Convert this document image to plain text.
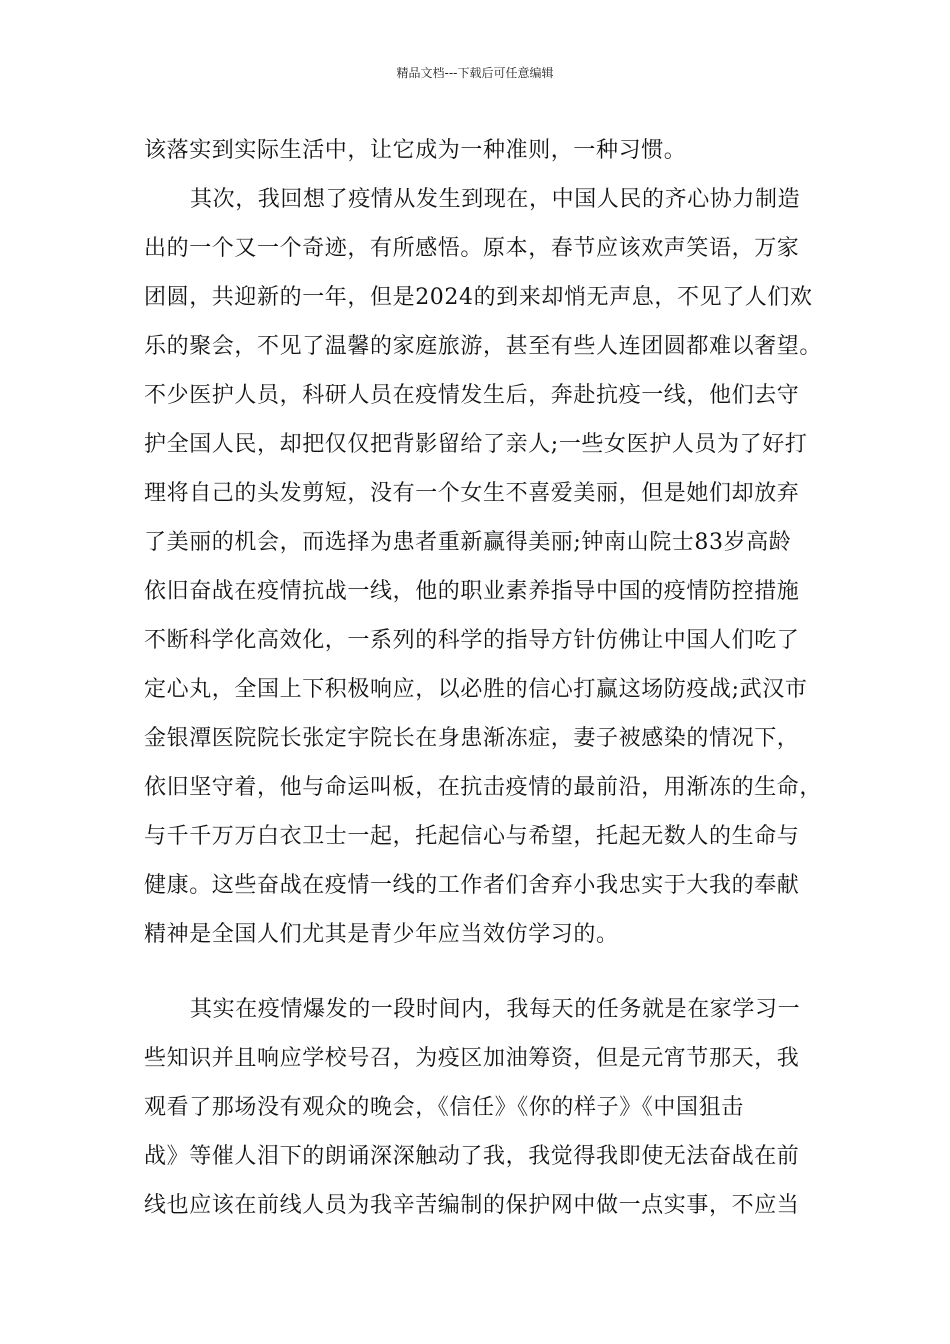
精品文档---下载后可任意编辑
该落实到实际生活中，让它成为一种准则，一种习惯。
其次，我回想了疫情从发生到现在，中国人民的齐心协力制造
出的一个又一个奇迹，有所感悟。原本，春节应该欢声笑语，万家
团圆，共迎新的一年，但是2024的到来却悄无声息，不见了人们欢
乐的聚会，不见了温馨的家庭旅游，甚至有些人连团圆都难以奢望。
不少医护人员，科研人员在疫情发生后，奔赴抗疫一线，他们去守
护全国人民，却把仅仅把背影留给了亲人;一些女医护人员为了好打
理将自己的头发剪短，没有一个女生不喜爱美丽，但是她们却放弃
了美丽的机会，而选择为患者重新赢得美丽;钟南山院士83岁高龄
依旧奋战在疫情抗战一线，他的职业素养指导中国的疫情防控措施
不断科学化高效化，一系列的科学的指导方针仿佛让中国人们吃了
定心丸，全国上下积极响应，以必胜的信心打赢这场防疫战;武汉市
金银潭医院院长张定宇院长在身患渐冻症，妻子被感染的情况下，
依旧坚守着，他与命运叫板，在抗击疫情的最前沿，用渐冻的生命，
与千千万万白衣卫士一起，托起信心与希望，托起无数人的生命与
健康。这些奋战在疫情一线的工作者们舍弃小我忠实于大我的奉献
精神是全国人们尤其是青少年应当效仿学习的。
其实在疫情爆发的一段时间内，我每天的任务就是在家学习一
些知识并且响应学校号召，为疫区加油筹资，但是元宵节那天，我
观看了那场没有观众的晚会，《信任》《你的样子》《中国狙击
战》等催人泪下的朗诵深深触动了我，我觉得我即使无法奋战在前
线也应该在前线人员为我辛苦编制的保护网中做一点实事，不应当
